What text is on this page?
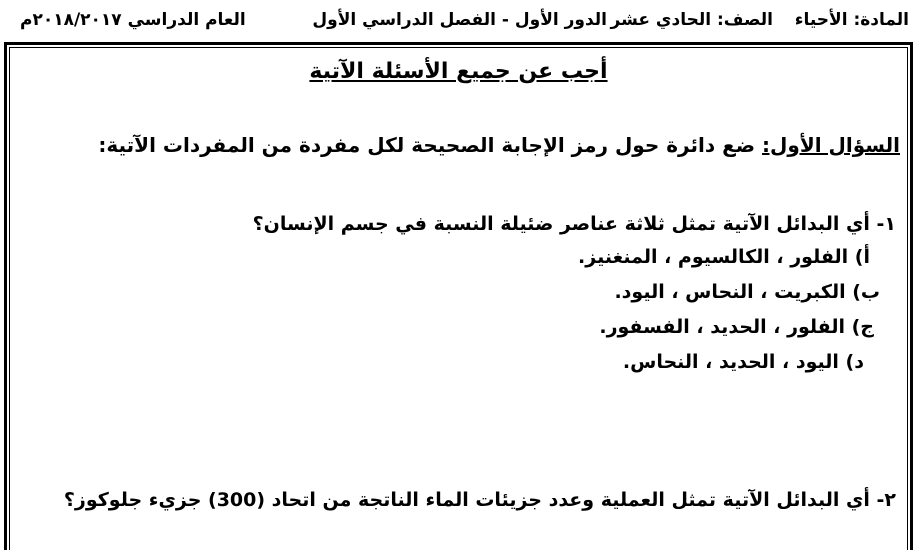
المادة: الأحياء
الصف: الحادي عشر
الدور الأول - الفصل الدراسي الأول
العام الدراسي ٢٠١٨/٢٠١٧م
أجب عن جميع الأسئلة الآتية
السؤال الأول: ضع دائرة حول رمز الإجابة الصحيحة لكل مفردة من المفردات الآتية:
١- أي البدائل الآتية تمثل ثلاثة عناصر ضئيلة النسبة في جسم الإنسان؟
أ) الفلور ، الكالسيوم ، المنغنيز.
ب) الكبريت ، النحاس ، اليود.
ج) الفلور ، الحديد ، الفسفور.
د) اليود ، الحديد ، النحاس.
٢- أي البدائل الآتية تمثل العملية وعدد جزيئات الماء الناتجة من اتحاد (300) جزيء جلوكوز؟
